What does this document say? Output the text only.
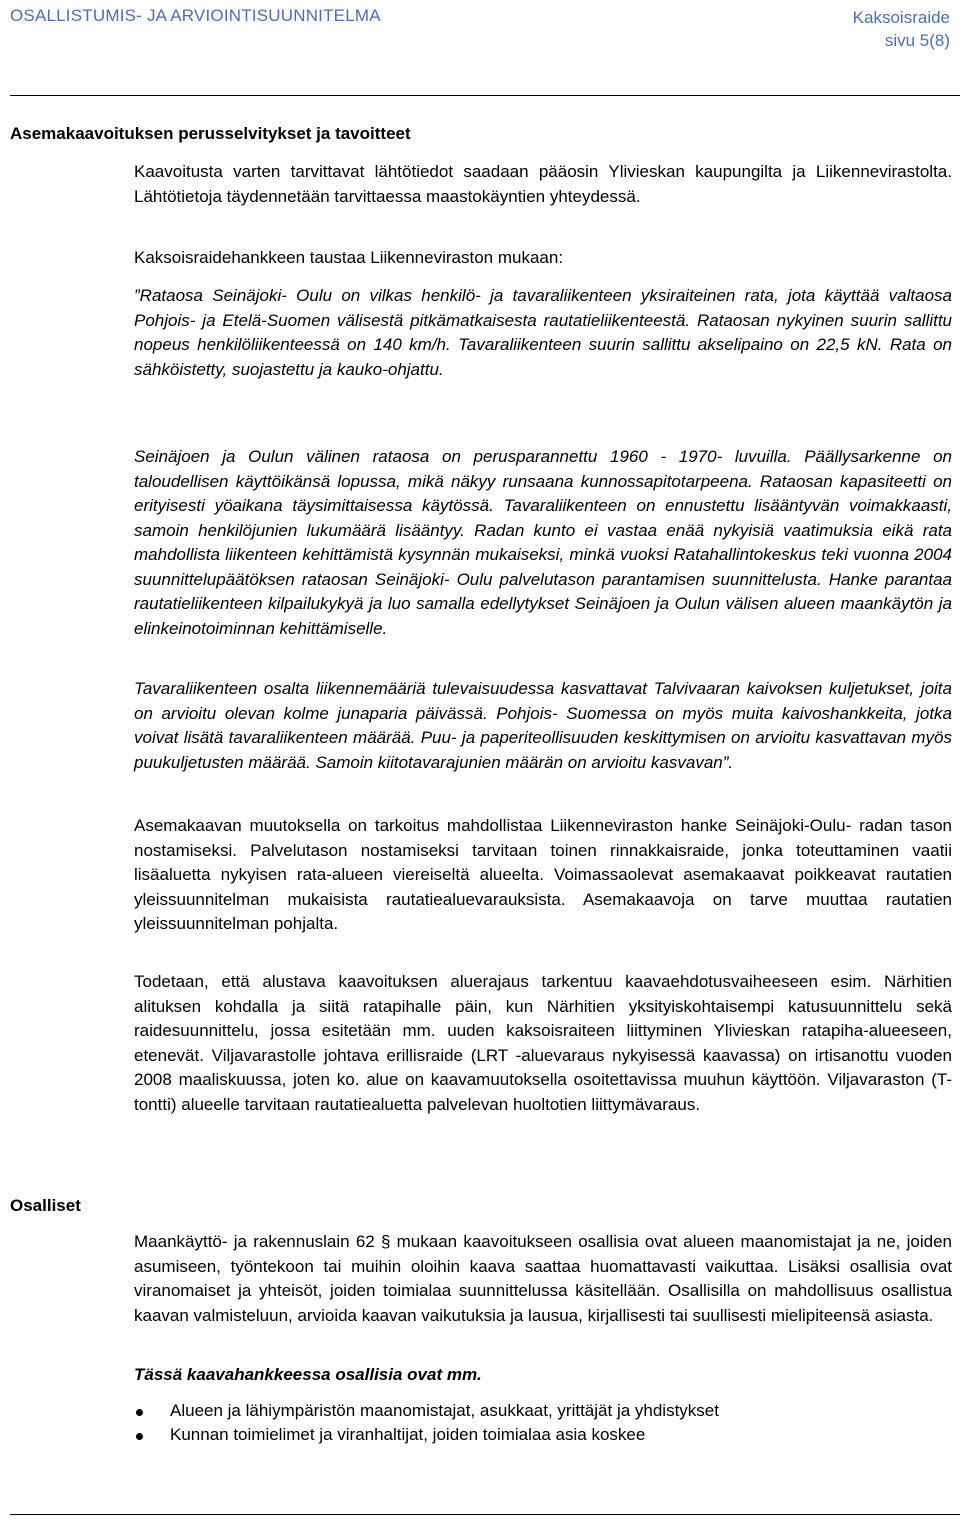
OSALLISTUMIS- JA ARVIOINTISUUNNITELMA	Kaksoisraide
sivu 5(8)
Asemakaavoituksen perusselvitykset ja tavoitteet

Kaavoitusta varten tarvittavat lähtötiedot saadaan pääosin Ylivieskan kaupungilta ja Liikennevirastolta. Lähtötietoja täydennetään tarvittaessa maastokäyntien yhteydessä.

Kaksoisraidehankkeen taustaa Liikenneviraston mukaan:

”Rataosa Seinäjoki- Oulu on vilkas henkilö- ja tavaraliikenteen yksiraiteinen rata, jota käyttää valtaosa Pohjois- ja Etelä-Suomen välisestä pitkämatkaisesta rautatieliikenteestä. Rataosan nykyinen suurin sallittu nopeus henkilöliikenteessä on 140 km/h. Tavaraliikenteen suurin sallittu akselipaino on 22,5 kN. Rata on sähköistetty, suojastettu ja kauko-ohjattu.

Seinäjoen ja Oulun välinen rataosa on perusparannettu 1960 - 1970- luvuilla. Päällysarkenne on taloudellisen käyttöikänsä lopussa, mikä näkyy runsaana kunnossapitotarpeena. Rataosan kapasiteetti on erityisesti yöaikana täysimittaisessa käytössä. Tavaraliikenteen on ennustettu lisääntyvän voimakkaasti, samoin henkilöjunien lukumäärä lisääntyy. Radan kunto ei vastaa enää nykyisiä vaatimuksia eikä rata mahdollista liikenteen kehittämistä kysynnän mukaiseksi, minkä vuoksi Ratahallintokeskus teki vuonna 2004 suunnittelupäätöksen rataosan Seinäjoki- Oulu palvelutason parantamisen suunnittelusta. Hanke parantaa rautatieliikenteen kilpailukykyä ja luo samalla edellytykset Seinäjoen ja Oulun välisen alueen maankäytön ja elinkeinotoiminnan kehittämiselle.

Tavaraliikenteen osalta liikennemääriä tulevaisuudessa kasvattavat Talvivaaran kaivoksen kuljetukset, joita on arvioitu olevan kolme junaparia päivässä. Pohjois- Suomessa on myös muita kaivoshankkeita, jotka voivat lisätä tavaraliikenteen määrää. Puu- ja paperiteollisuuden keskittymisen on arvioitu kasvattavan myös puukuljetusten määrää. Samoin kiitotavarajunien määrän on arvioitu kasvavan”.

Asemakaavan muutoksella on tarkoitus mahdollistaa Liikenneviraston hanke Seinäjoki-Oulu- radan tason nostamiseksi. Palvelutason nostamiseksi tarvitaan toinen rinnakkaisraide, jonka toteuttaminen vaatii lisäaluetta nykyisen rata-alueen viereiseltä alueelta. Voimassaolevat asemakaavat poikkeavat rautatien yleissuunnitelman mukaisista rautatiealuevarauksista. Asemakaavoja on tarve muuttaa rautatien yleissuunnitelman pohjalta.

Todetaan, että alustava kaavoituksen aluerajaus tarkentuu kaavaehdotusvaiheeseen esim. Närhitien alituksen kohdalla ja siitä ratapihalle päin, kun Närhitien yksityiskohtaisempi katusuunnittelu sekä raidesuunnittelu, jossa esitetään mm. uuden kaksoisraiteen liittyminen Ylivieskan ratapiha-alueeseen, etenevät. Viljavarastolle johtava erillisraide (LRT -aluevaraus nykyisessä kaavassa) on irtisanottu vuoden 2008 maaliskuussa, joten ko. alue on kaavamuutoksella osoitettavissa muuhun käyttöön. Viljavaraston (T- tontti) alueelle tarvitaan rautatiealuetta palvelevan huoltotien liittymävaraus.

Osalliset

Maankäyttö- ja rakennuslain 62 § mukaan kaavoitukseen osallisia ovat alueen maanomistajat ja ne, joiden asumiseen, työntekoon tai muihin oloihin kaava saattaa huomattavasti vaikuttaa. Lisäksi osallisia ovat viranomaiset ja yhteisöt, joiden toimialaa suunnittelussa käsitellään. Osallisilla on mahdollisuus osallistua kaavan valmisteluun, arvioida kaavan vaikutuksia ja lausua, kirjallisesti tai suullisesti mielipiteensä asiasta.

Tässä kaavahankkeessa osallisia ovat mm.

Alueen ja lähiympäristön maanomistajat, asukkaat, yrittäjät ja yhdistykset
Kunnan toimielimet ja viranhaltijat, joiden toimialaa asia koskee
